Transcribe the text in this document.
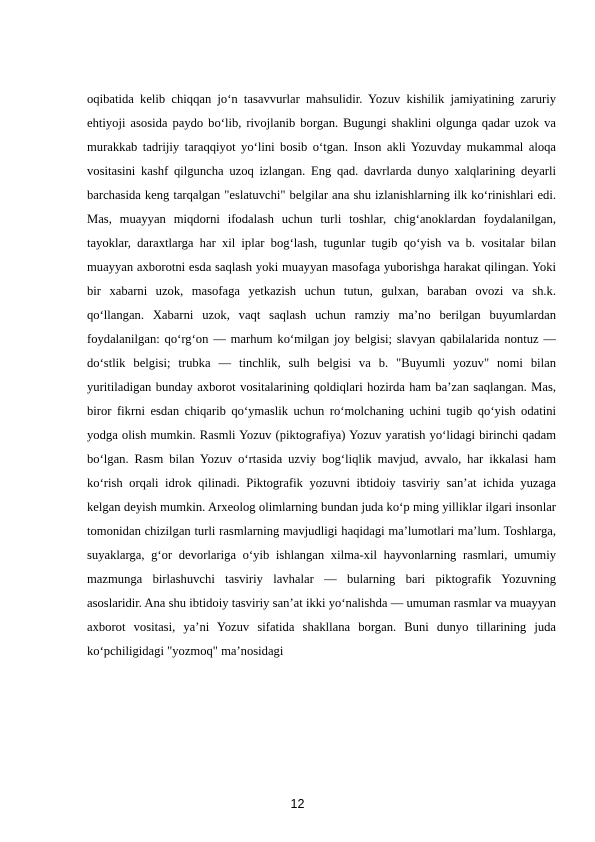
oqibatida kelib chiqqan jo‘n tasavvurlar mahsulidir. Yozuv kishilik jamiyatining zaruriy ehtiyoji asosida paydo bo‘lib, rivojlanib borgan. Bugungi shaklini olgunga qadar uzok va murakkab tadrijiy taraqqiyot yo‘lini bosib o‘tgan. Inson akli Yozuvday mukammal aloqa vositasini kashf qilguncha uzoq izlangan. Eng qad. davrlarda dunyo xalqlarining deyarli barchasida keng tarqalgan "eslatuvchi" belgilar ana shu izlanishlarning ilk ko‘rinishlari edi. Mas, muayyan miqdorni ifodalash uchun turli toshlar, chig‘anoklardan foydalanilgan, tayoklar, daraxtlarga har xil iplar bog‘lash, tugunlar tugib qo‘yish va b. vositalar bilan muayyan axborotni esda saqlash yoki muayyan masofaga yuborishga harakat qilingan. Yoki bir xabarni uzok, masofaga yetkazish uchun tutun, gulxan, baraban ovozi va sh.k. qo‘llangan. Xabarni uzok, vaqt saqlash uchun ramziy ma’no berilgan buyumlardan foydalanilgan: qo‘rg‘on — marhum ko‘milgan joy belgisi; slavyan qabilalarida nontuz — do‘stlik belgisi; trubka — tinchlik, sulh belgisi va b. "Buyumli yozuv" nomi bilan yuritiladigan bunday axborot vositalarining qoldiqlari hozirda ham ba’zan saqlangan. Mas, biror fikrni esdan chiqarib qo‘ymaslik uchun ro‘molchaning uchini tugib qo‘yish odatini yodga olish mumkin. Rasmli Yozuv (piktografiya) Yozuv yaratish yo‘lidagi birinchi qadam bo‘lgan. Rasm bilan Yozuv o‘rtasida uzviy bog‘liqlik mavjud, avvalo, har ikkalasi ham ko‘rish orqali idrok qilinadi. Piktografik yozuvni ibtidoiy tasviriy san’at ichida yuzaga kelgan deyish mumkin. Arxeolog olimlarning bundan juda ko‘p ming yilliklar ilgari insonlar tomonidan chizilgan turli rasmlarning mavjudligi haqidagi ma’lumotlari ma’lum. Toshlarga, suyaklarga, g‘or devorlariga o‘yib ishlangan xilma-xil hayvonlarning rasmlari, umumiy mazmunga birlashuvchi tasviriy lavhalar — bularning bari piktografik Yozuvning asoslaridir. Ana shu ibtidoiy tasviriy san’at ikki yo‘nalishda — umuman rasmlar va muayyan axborot vositasi, ya’ni Yozuv sifatida shakllana borgan. Buni dunyo tillarining juda ko‘pchiligidagi "yozmoq" ma’nosidagi

12
